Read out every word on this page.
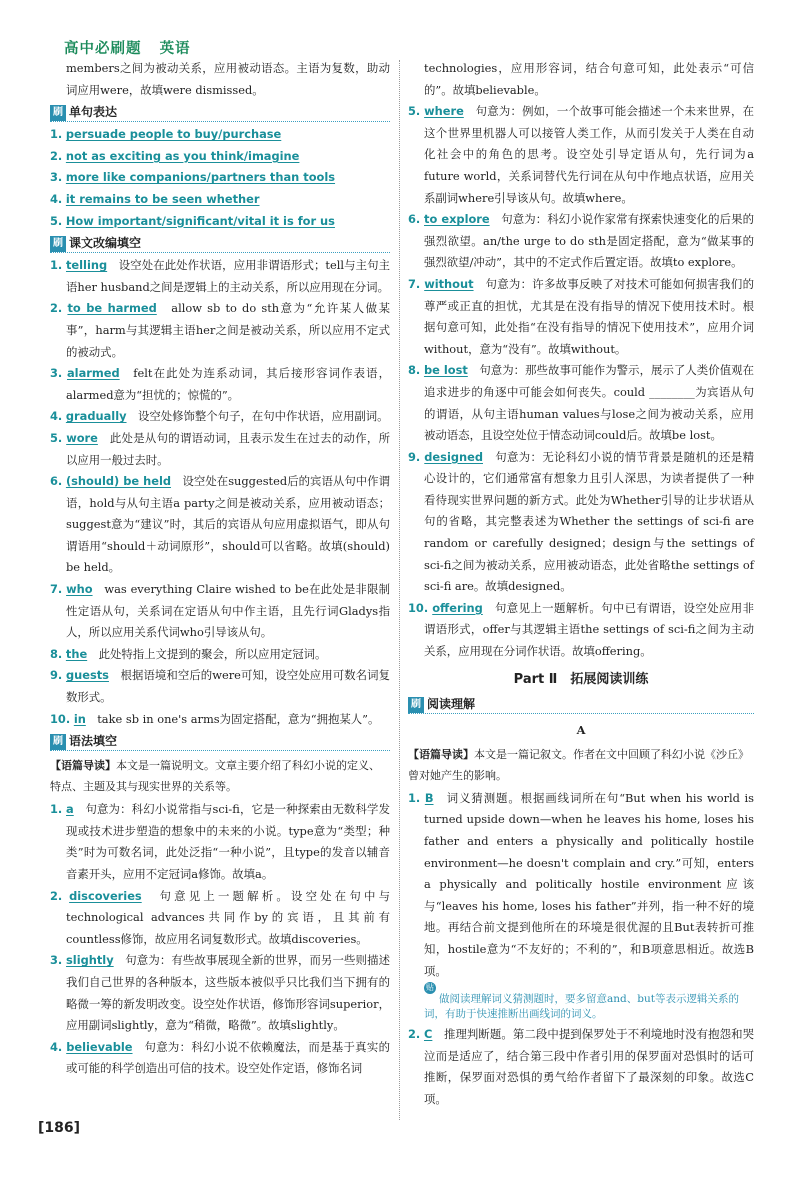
高中必刷题 英语

members之间为被动关系，应用被动语态。主语为复数，助动词应用were，故填were dismissed。

刷 单句表达

1. persuade people to buy/purchase

2. not as exciting as you think/imagine

3. more like companions/partners than tools

4. it remains to be seen whether

5. How important/significant/vital it is for us

刷 课文改编填空

1. telling　 设空处在此处作状语，应用非谓语形式；tell与主句主语her husband之间是逻辑上的主动关系，所以应用现在分词。

2. to be harmed　 allow sb to do sth意为“允许某人做某事”，harm与其逻辑主语her之间是被动关系，所以应用不定式的被动式。

3. alarmed　 felt在此处为连系动词，其后接形容词作表语，alarmed意为“担忧的；惊慌的”。

4. gradually　 设空处修饰整个句子，在句中作状语，应用副词。

5. wore　 此处是从句的谓语动词，且表示发生在过去的动作，所以应用一般过去时。

6. (should) be held　 设空处在suggested后的宾语从句中作谓语，hold与从句主语a party之间是被动关系，应用被动语态；suggest意为“建议”时，其后的宾语从句应用虚拟语气，即从句谓语用“should＋动词原形”，should可以省略。故填(should) be held。

7. who　 was everything Claire wished to be在此处是非限制性定语从句，关系词在定语从句中作主语，且先行词Gladys指人，所以应用关系代词who引导该从句。

8. the　 此处特指上文提到的聚会，所以应用定冠词。

9. guests　 根据语境和空后的were可知，设空处应用可数名词复数形式。

10. in　 take sb in one's arms为固定搭配，意为“拥抱某人”。

刷 语法填空

【语篇导读】本文是一篇说明文。文章主要介绍了科幻小说的定义、特点、主题及其与现实世界的关系等。

1. a　 句意为：科幻小说常指与sci-fi，它是一种探索由无数科学发现或技术进步塑造的想象中的未来的小说。type意为“类型；种类”时为可数名词，此处泛指“一种小说”，且type的发音以辅音音素开头，应用不定冠词a修饰。故填a。

2. discoveries　 句意见上一题解析。设空处在句中与technological advances共同作by的宾语，且其前有countless修饰，故应用名词复数形式。故填discoveries。

3. slightly　 句意为：有些故事展现全新的世界，而另一些则描述我们自己世界的各种版本，这些版本被似乎只比我们当下拥有的略微一筹的新发明改变。设空处作状语，修饰形容词superior，应用副词slightly，意为“稍微，略微”。故填slightly。

4. believable　 句意为：科幻小说不依赖魔法，而是基于真实的或可能的科学创造出可信的技术。设空处作定语，修饰名词

technologies，应用形容词，结合句意可知，此处表示“可信的”。故填believable。

5. where　 句意为：例如，一个故事可能会描述一个未来世界，在这个世界里机器人可以接管人类工作，从而引发关于人类在自动化社会中的角色的思考。设空处引导定语从句，先行词为a future world，关系词替代先行词在从句中作地点状语，应用关系副词where引导该从句。故填where。

6. to explore　 句意为：科幻小说作家常有探索快速变化的后果的强烈欲望。an/the urge to do sth是固定搭配，意为“做某事的强烈欲望/冲动”，其中的不定式作后置定语。故填to explore。

7. without　 句意为：许多故事反映了对技术可能如何损害我们的尊严或正直的担忧，尤其是在没有指导的情况下使用技术时。根据句意可知，此处指“在没有指导的情况下使用技术”，应用介词without，意为“没有”。故填without。

8. be lost　 句意为：那些故事可能作为警示，展示了人类价值观在追求进步的角逐中可能会如何丧失。could ________为宾语从句的谓语，从句主语human values与lose之间为被动关系，应用被动语态，且设空处位于情态动词could后。故填be lost。

9. designed　 句意为：无论科幻小说的情节背景是随机的还是精心设计的，它们通常富有想象力且引人深思，为读者提供了一种看待现实世界问题的新方式。此处为Whether引导的让步状语从句的省略，其完整表述为Whether the settings of sci-fi are random or carefully designed；design与the settings of sci-fi之间为被动关系，应用被动语态，此处省略the settings of sci-fi are。故填designed。

10. offering　 句意见上一题解析。句中已有谓语，设空处应用非谓语形式，offer与其逻辑主语the settings of sci-fi之间为主动关系，应用现在分词作状语。故填offering。

Part Ⅱ　拓展阅读训练
刷 阅读理解

A

【语篇导读】本文是一篇记叙文。作者在文中回顾了科幻小说《沙丘》曾对她产生的影响。

1. B　 词义猜测题。根据画线词所在句“But when his world is turned upside down—when he leaves his home, loses his father and enters a physically and politically hostile environment—he doesn't complain and cry.”可知，enters a physically and politically hostile environment应该与“leaves his home, loses his father”并列，指一种不好的境地。再结合前文提到他所在的环境是很优渥的且But表转折可推知，hostile意为“不友好的；不利的”，和B项意思相近。故选B项。

贴士 做阅读理解词义猜测题时，要多留意and、but等表示逻辑关系的词，有助于快速推断出画线词的词义。

2. C　 推理判断题。第二段中提到保罗处于不利境地时没有抱怨和哭泣而是适应了，结合第三段中作者引用的保罗面对恐惧时的话可推断，保罗面对恐惧的勇气给作者留下了最深刻的印象。故选C项。

[186]
